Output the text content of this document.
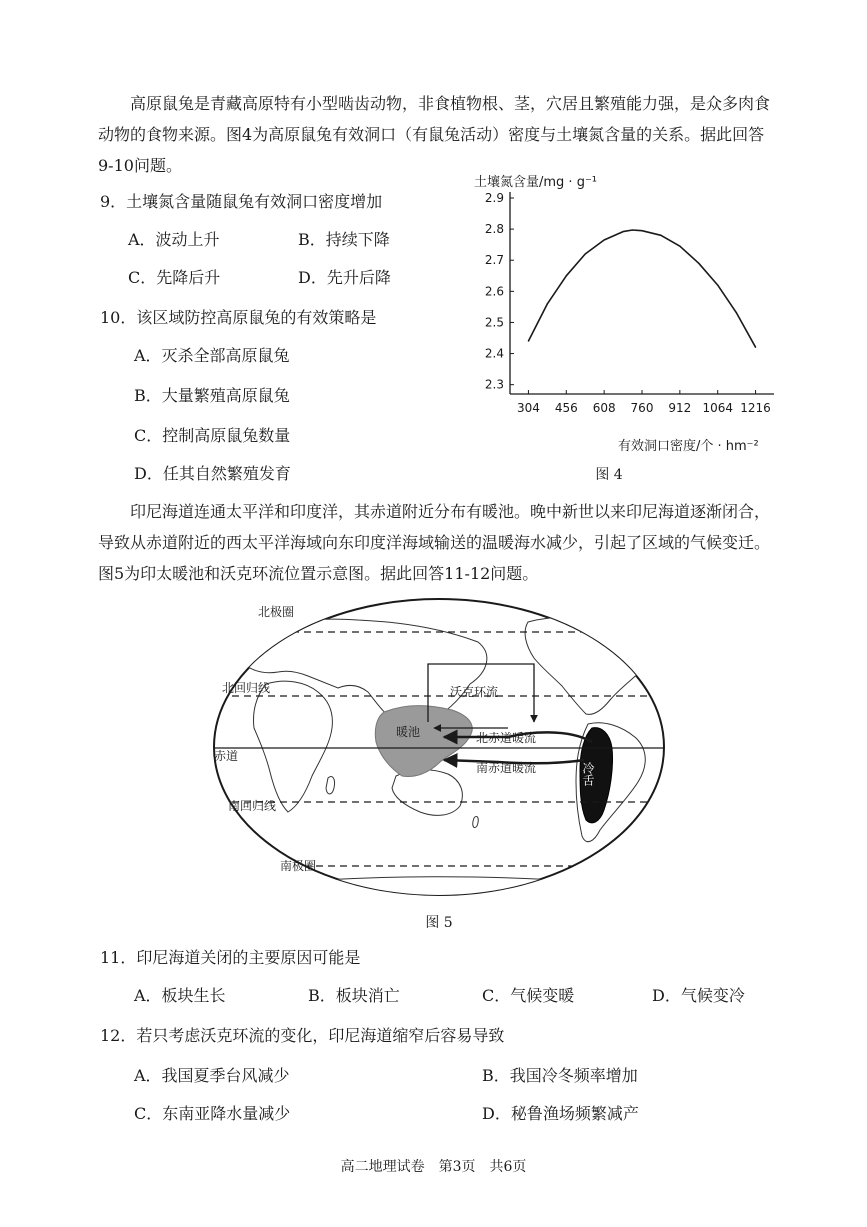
高原鼠兔是青藏高原特有小型啮齿动物，非食植物根、茎，穴居且繁殖能力强，是众多肉食动物的食物来源。图4为高原鼠兔有效洞口（有鼠兔活动）密度与土壤氮含量的关系。据此回答9-10问题。

9．土壤氮含量随鼠兔有效洞口密度增加
A．波动上升	B．持续下降
C．先降后升	D．先升后降
10．该区域防控高原鼠兔的有效策略是
A．灭杀全部高原鼠兔
B．大量繁殖高原鼠兔
C．控制高原鼠兔数量
D．任其自然繁殖发育
土壤氮含量/mg · g⁻¹
2.3
2.4
2.5
2.6
2.7
2.8
2.9
304 456 608 760 912 1064 1216
有效洞口密度/个 · hm⁻²
图 4

印尼海道连通太平洋和印度洋，其赤道附近分布有暖池。晚中新世以来印尼海道逐渐闭合，导致从赤道附近的西太平洋海域向东印度洋海域输送的温暖海水减少，引起了区域的气候变迁。图5为印太暖池和沃克环流位置示意图。据此回答11-12问题。

北极圈
北回归线
赤道
南回归线
南极圈
暖池
沃克环流
北赤道暖流
南赤道暖流	冷舌
图 5
11．印尼海道关闭的主要原因可能是
A．板块生长	B．板块消亡	C．气候变暖	D．气候变冷
12．若只考虑沃克环流的变化，印尼海道缩窄后容易导致
A．我国夏季台风减少	B．我国冷冬频率增加
C．东南亚降水量减少	D．秘鲁渔场频繁减产
高二地理试卷　第3页　共6页
